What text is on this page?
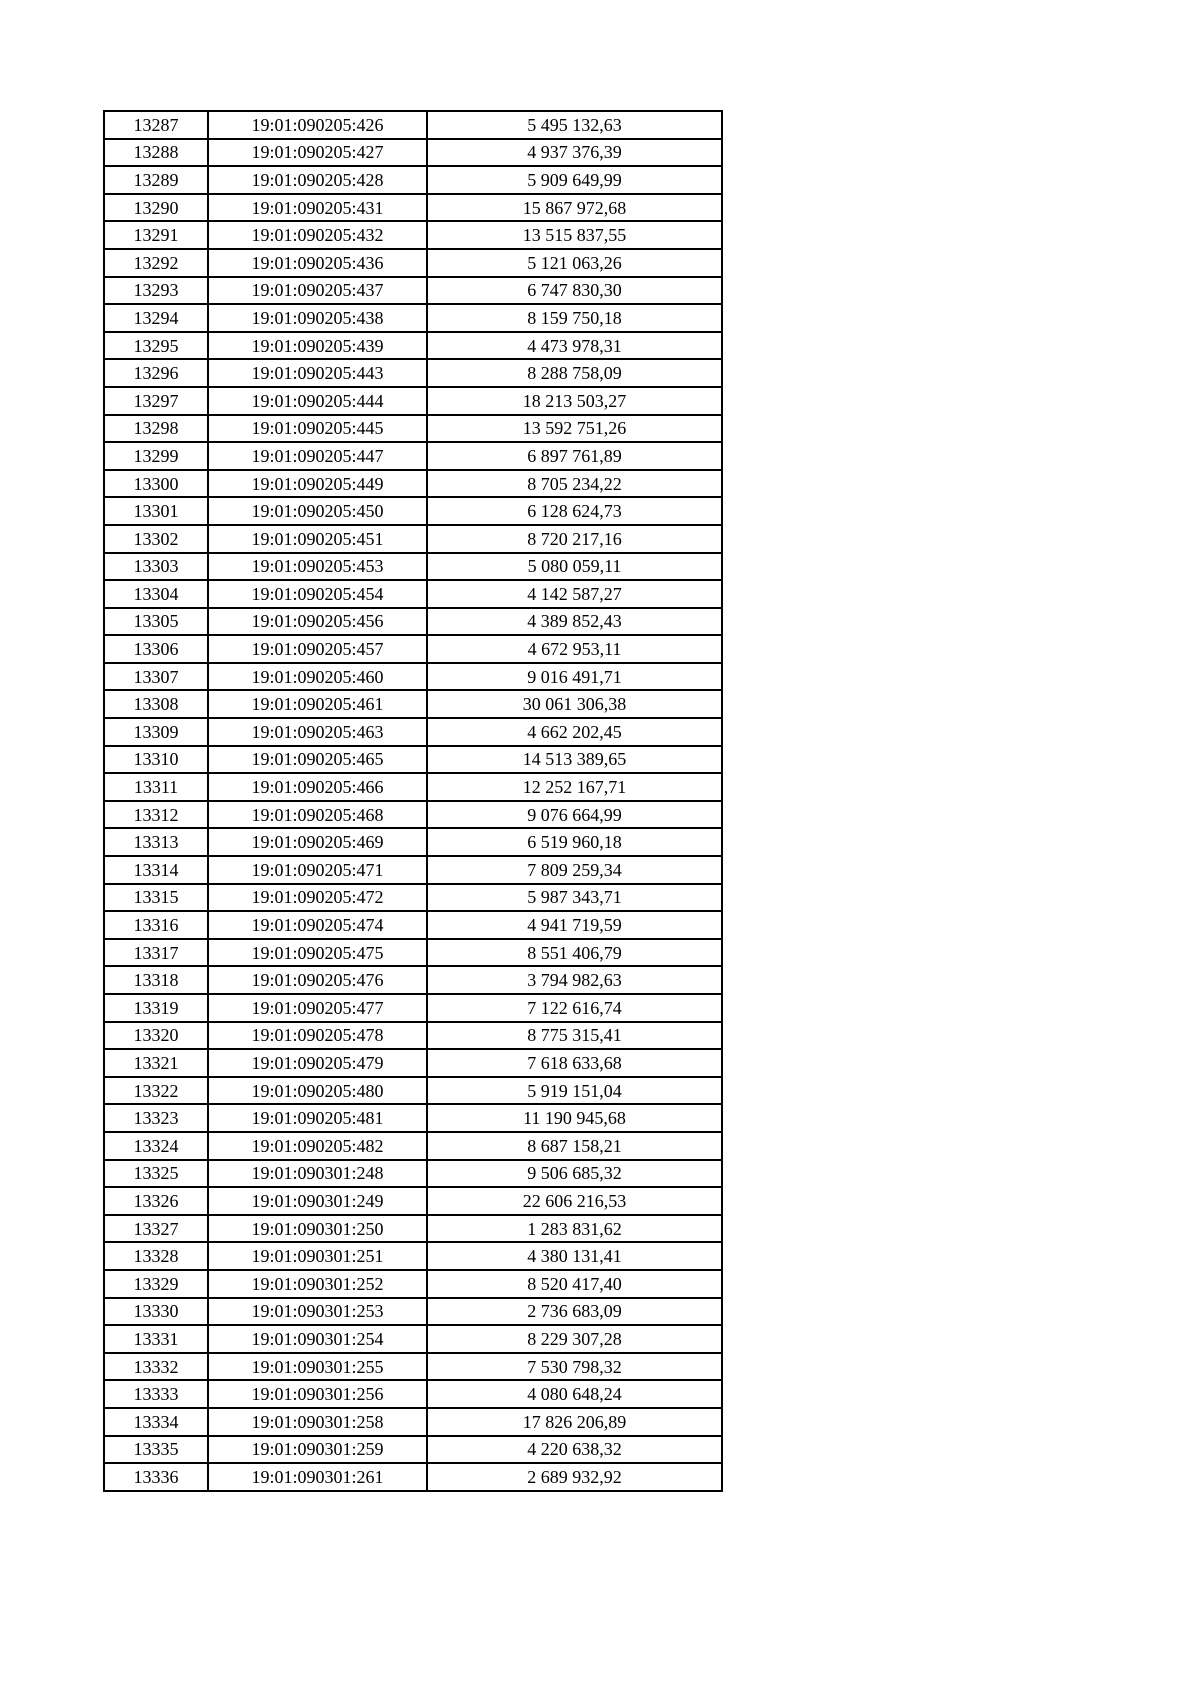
13287	19:01:090205:426	5 495 132,63
13288	19:01:090205:427	4 937 376,39
13289	19:01:090205:428	5 909 649,99
13290	19:01:090205:431	15 867 972,68
13291	19:01:090205:432	13 515 837,55
13292	19:01:090205:436	5 121 063,26
13293	19:01:090205:437	6 747 830,30
13294	19:01:090205:438	8 159 750,18
13295	19:01:090205:439	4 473 978,31
13296	19:01:090205:443	8 288 758,09
13297	19:01:090205:444	18 213 503,27
13298	19:01:090205:445	13 592 751,26
13299	19:01:090205:447	6 897 761,89
13300	19:01:090205:449	8 705 234,22
13301	19:01:090205:450	6 128 624,73
13302	19:01:090205:451	8 720 217,16
13303	19:01:090205:453	5 080 059,11
13304	19:01:090205:454	4 142 587,27
13305	19:01:090205:456	4 389 852,43
13306	19:01:090205:457	4 672 953,11
13307	19:01:090205:460	9 016 491,71
13308	19:01:090205:461	30 061 306,38
13309	19:01:090205:463	4 662 202,45
13310	19:01:090205:465	14 513 389,65
13311	19:01:090205:466	12 252 167,71
13312	19:01:090205:468	9 076 664,99
13313	19:01:090205:469	6 519 960,18
13314	19:01:090205:471	7 809 259,34
13315	19:01:090205:472	5 987 343,71
13316	19:01:090205:474	4 941 719,59
13317	19:01:090205:475	8 551 406,79
13318	19:01:090205:476	3 794 982,63
13319	19:01:090205:477	7 122 616,74
13320	19:01:090205:478	8 775 315,41
13321	19:01:090205:479	7 618 633,68
13322	19:01:090205:480	5 919 151,04
13323	19:01:090205:481	11 190 945,68
13324	19:01:090205:482	8 687 158,21
13325	19:01:090301:248	9 506 685,32
13326	19:01:090301:249	22 606 216,53
13327	19:01:090301:250	1 283 831,62
13328	19:01:090301:251	4 380 131,41
13329	19:01:090301:252	8 520 417,40
13330	19:01:090301:253	2 736 683,09
13331	19:01:090301:254	8 229 307,28
13332	19:01:090301:255	7 530 798,32
13333	19:01:090301:256	4 080 648,24
13334	19:01:090301:258	17 826 206,89
13335	19:01:090301:259	4 220 638,32
13336	19:01:090301:261	2 689 932,92
